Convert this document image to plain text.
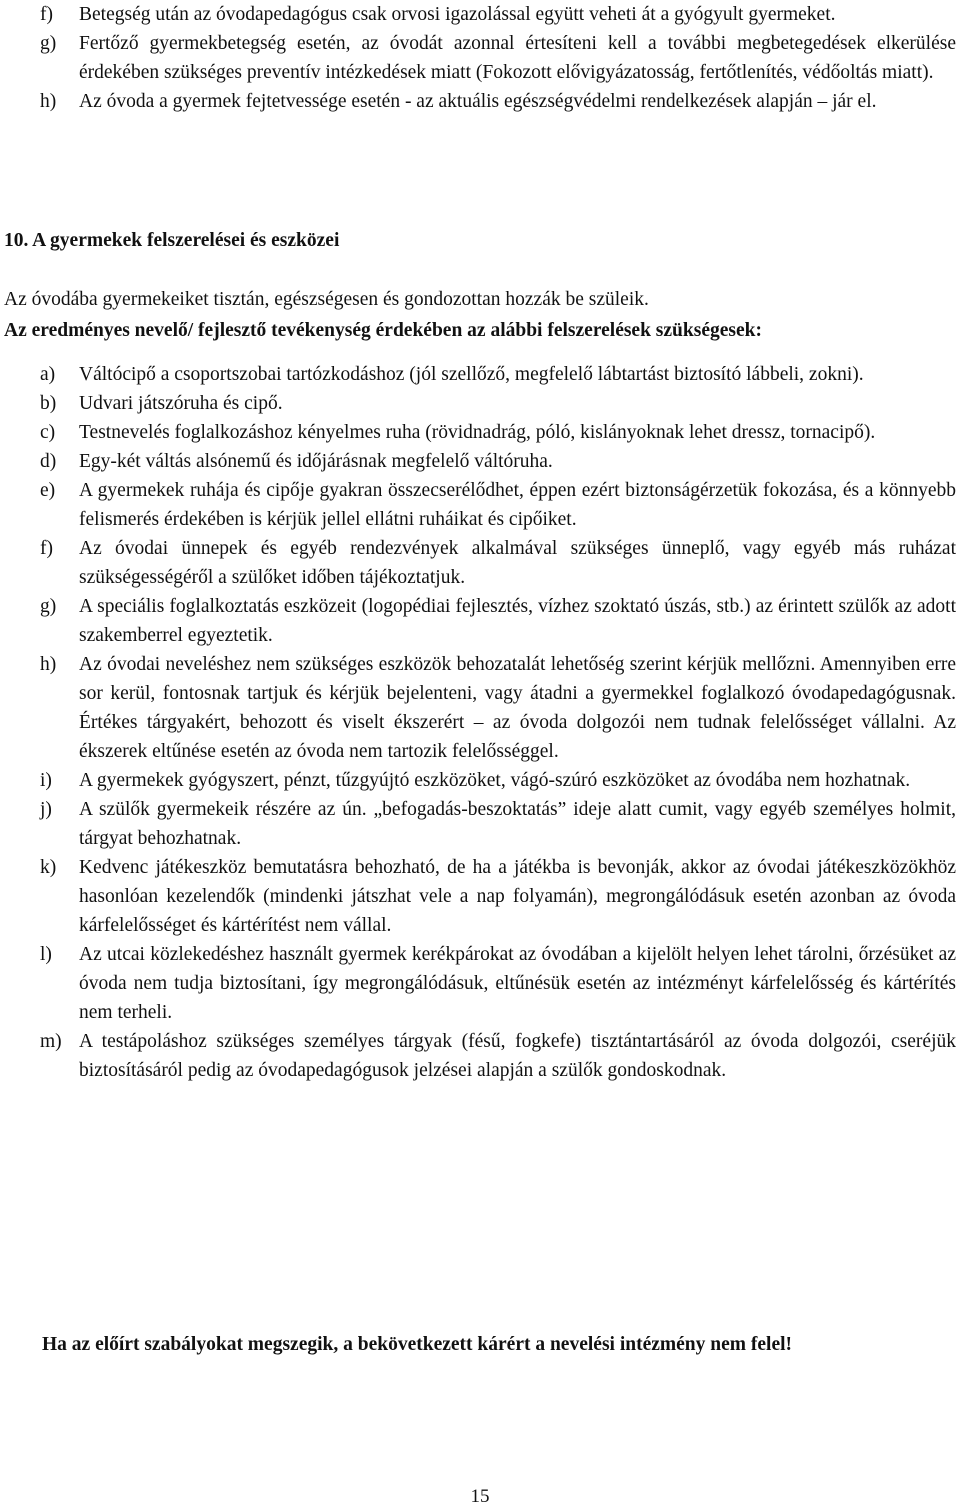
f) Betegség után az óvodapedagógus csak orvosi igazolással együtt veheti át a gyógyult gyermeket.
g) Fertőző gyermekbetegség esetén, az óvodát azonnal értesíteni kell a további megbetegedések elkerülése érdekében szükséges preventív intézkedések miatt (Fokozott elővigyázatosság, fertőtlenítés, védőoltás miatt).
h) Az óvoda a gyermek fejtetvessége esetén - az aktuális egészségvédelmi rendelkezések alapján – jár el.
10. A gyermekek felszerelései és eszközei
Az óvodába gyermekeiket tisztán, egészségesen és gondozottan hozzák be szüleik.
Az eredményes nevelő/ fejlesztő tevékenység érdekében az alábbi felszerelések szükségesek:
a) Váltócipő a csoportszobai tartózkodáshoz (jól szellőző, megfelelő lábtartást biztosító lábbeli, zokni).
b) Udvari játszóruha és cipő.
c) Testnevelés foglalkozáshoz kényelmes ruha (rövidnadrág, póló, kislányoknak lehet dressz, tornacipő).
d) Egy-két váltás alsónemű és időjárásnak megfelelő váltóruha.
e) A gyermekek ruhája és cipője gyakran összecserélődhet, éppen ezért biztonságérzetük fokozása, és a könnyebb felismerés érdekében is kérjük jellel ellátni ruháikat és cipőiket.
f) Az óvodai ünnepek és egyéb rendezvények alkalmával szükséges ünneplő, vagy egyéb más ruházat szükségességéről a szülőket időben tájékoztatjuk.
g) A speciális foglalkoztatás eszközeit (logopédiai fejlesztés, vízhez szoktató úszás, stb.) az érintett szülők az adott szakemberrel egyeztetik.
h) Az óvodai neveléshez nem szükséges eszközök behozatalát lehetőség szerint kérjük mellőzni. Amennyiben erre sor kerül, fontosnak tartjuk és kérjük bejelenteni, vagy átadni a gyermekkel foglalkozó óvodapedagógusnak. Értékes tárgyakért, behozott és viselt ékszerért – az óvoda dolgozói nem tudnak felelősséget vállalni. Az ékszerek eltűnése esetén az óvoda nem tartozik felelősséggel.
i) A gyermekek gyógyszert, pénzt, tűzgyújtó eszközöket, vágó-szúró eszközöket az óvodába nem hozhatnak.
j) A szülők gyermekeik részére az ún. „befogadás-beszoktatás” ideje alatt cumit, vagy egyéb személyes holmit, tárgyat behozhatnak.
k) Kedvenc játékeszköz bemutatásra behozható, de ha a játékba is bevonják, akkor az óvodai játékeszközökhöz hasonlóan kezelendők (mindenki játszhat vele a nap folyamán), megrongálódásuk esetén azonban az óvoda kárfelelősséget és kártérítést nem vállal.
l) Az utcai közlekedéshez használt gyermek kerékpárokat az óvodában a kijelölt helyen lehet tárolni, őrzésüket az óvoda nem tudja biztosítani, így megrongálódásuk, eltűnésük esetén az intézményt kárfelelősség és kártérítés nem terheli.
m) A testápoláshoz szükséges személyes tárgyak (fésű, fogkefe) tisztántartásáról az óvoda dolgozói, cseréjük biztosításáról pedig az óvodapedagógusok jelzései alapján a szülők gondoskodnak.
Ha az előírt szabályokat megszegik, a bekövetkezett kárért a nevelési intézmény nem felel!
15
